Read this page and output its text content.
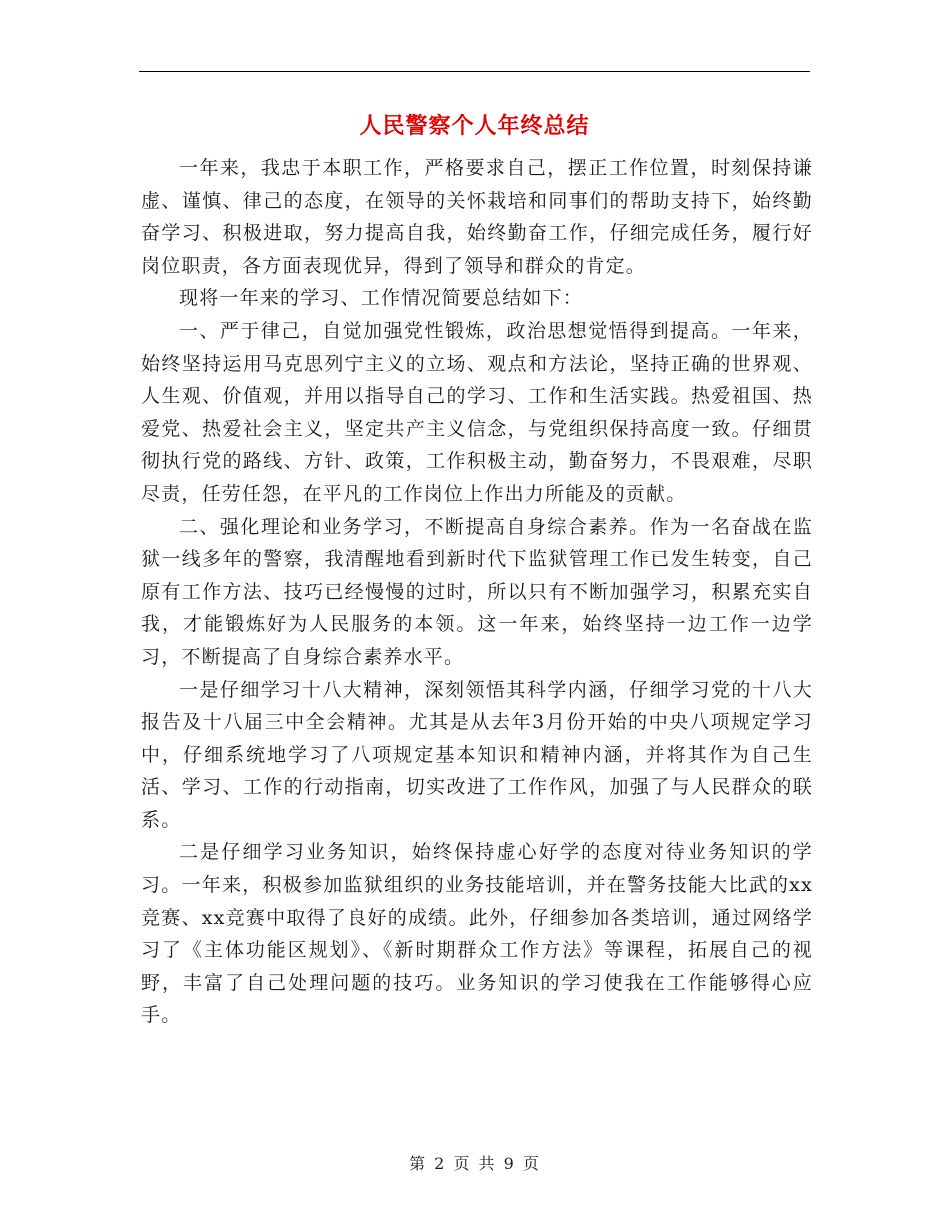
人民警察个人年终总结

一年来，我忠于本职工作，严格要求自己，摆正工作位置，时刻保持谦虚、谨慎、律己的态度，在领导的关怀栽培和同事们的帮助支持下，始终勤奋学习、积极进取，努力提高自我，始终勤奋工作，仔细完成任务，履行好岗位职责，各方面表现优异，得到了领导和群众的肯定。

现将一年来的学习、工作情况简要总结如下：

一、严于律己，自觉加强党性锻炼，政治思想觉悟得到提高。一年来，始终坚持运用马克思列宁主义的立场、观点和方法论，坚持正确的世界观、人生观、价值观，并用以指导自己的学习、工作和生活实践。热爱祖国、热爱党、热爱社会主义，坚定共产主义信念，与党组织保持高度一致。仔细贯彻执行党的路线、方针、政策，工作积极主动，勤奋努力，不畏艰难，尽职尽责，任劳任怨，在平凡的工作岗位上作出力所能及的贡献。

二、强化理论和业务学习，不断提高自身综合素养。作为一名奋战在监狱一线多年的警察，我清醒地看到新时代下监狱管理工作已发生转变，自己原有工作方法、技巧已经慢慢的过时，所以只有不断加强学习，积累充实自我，才能锻炼好为人民服务的本领。这一年来，始终坚持一边工作一边学习，不断提高了自身综合素养水平。

一是仔细学习十八大精神，深刻领悟其科学内涵，仔细学习党的十八大报告及十八届三中全会精神。尤其是从去年3月份开始的中央八项规定学习中，仔细系统地学习了八项规定基本知识和精神内涵，并将其作为自己生活、学习、工作的行动指南，切实改进了工作作风，加强了与人民群众的联系。

二是仔细学习业务知识，始终保持虚心好学的态度对待业务知识的学习。一年来，积极参加监狱组织的业务技能培训，并在警务技能大比武的xx竞赛、xx竞赛中取得了良好的成绩。此外，仔细参加各类培训，通过网络学习了《主体功能区规划》、《新时期群众工作方法》等课程，拓展自己的视野，丰富了自己处理问题的技巧。业务知识的学习使我在工作能够得心应手。

第 2 页 共 9 页
